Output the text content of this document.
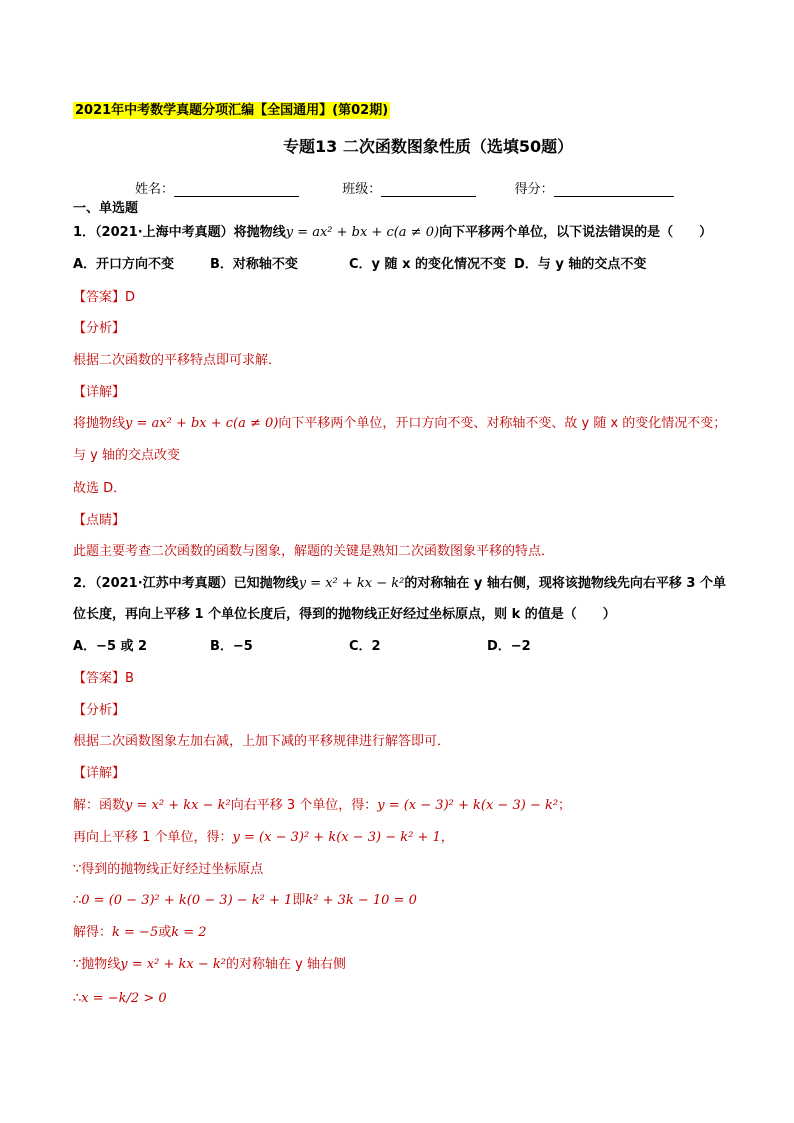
2021年中考数学真题分项汇编【全国通用】(第02期)
专题13 二次函数图象性质（选填50题）
姓名：	班级：	得分：
一、单选题
1．（2021·上海中考真题）将抛物线y = ax² + bx + c(a ≠ 0)向下平移两个单位，以下说法错误的是（　　）
A．开口方向不变	B．对称轴不变	C．y 随 x 的变化情况不变 D．与 y 轴的交点不变
【答案】D
【分析】
根据二次函数的平移特点即可求解．
【详解】
将抛物线y = ax² + bx + c(a ≠ 0)向下平移两个单位，开口方向不变、对称轴不变、故 y 随 x 的变化情况不变；
与 y 轴的交点改变
故选 D．
【点睛】
此题主要考查二次函数的函数与图象，解题的关键是熟知二次函数图象平移的特点．
2．（2021·江苏中考真题）已知抛物线y = x² + kx − k²的对称轴在 y 轴右侧，现将该抛物线先向右平移 3 个单
位长度，再向上平移 1 个单位长度后，得到的抛物线正好经过坐标原点，则 k 的值是（　　）
A．−5 或 2	B．−5	C．2	D．−2
【答案】B
【分析】
根据二次函数图象左加右减，上加下减的平移规律进行解答即可．
【详解】
解：函数y = x² + kx − k²向右平移 3 个单位，得：y = (x − 3)² + k(x − 3) − k²；
再向上平移 1 个单位，得：y = (x − 3)² + k(x − 3) − k² + 1，
∵得到的抛物线正好经过坐标原点
∴0 = (0 − 3)² + k(0 − 3) − k² + 1即k² + 3k − 10 = 0
解得：k = −5或k = 2
∵抛物线y = x² + kx − k²的对称轴在 y 轴右侧
∴x = −k/2 > 0
